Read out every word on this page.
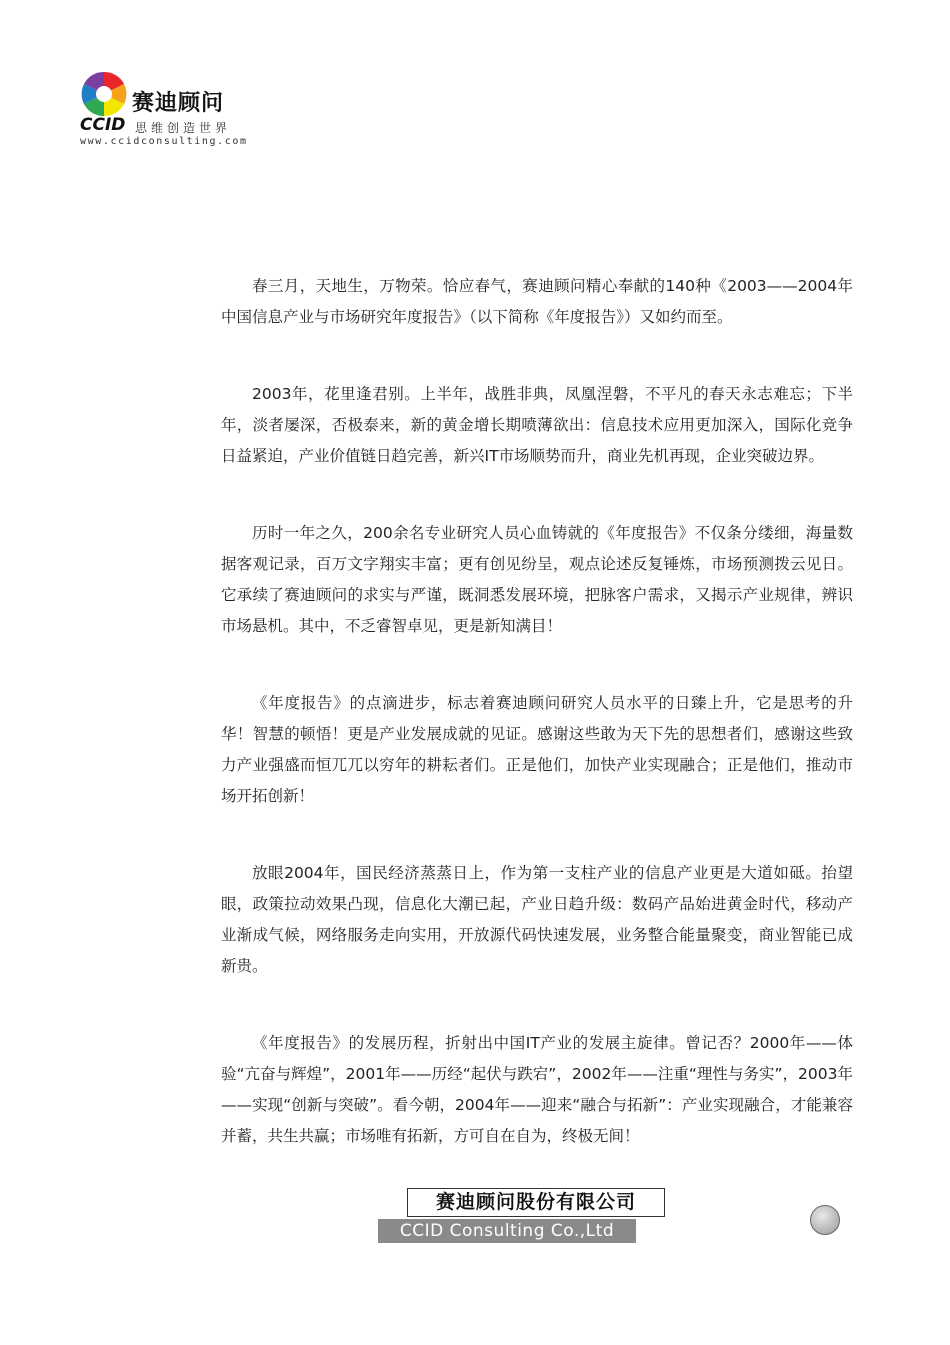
赛迪顾问
CCID 思维创造世界
www.ccidconsulting.com

春三月，天地生，万物荣。恰应春气，赛迪顾问精心奉献的140种《2003——2004年中国信息产业与市场研究年度报告》（以下简称《年度报告》）又如约而至。

2003年，花里逢君别。上半年，战胜非典，凤凰涅磐，不平凡的春天永志难忘；下半年，淡者屡深，否极泰来，新的黄金增长期喷薄欲出：信息技术应用更加深入，国际化竞争日益紧迫，产业价值链日趋完善，新兴IT市场顺势而升，商业先机再现，企业突破边界。

历时一年之久，200余名专业研究人员心血铸就的《年度报告》不仅条分缕细，海量数据客观记录，百万文字翔实丰富；更有创见纷呈，观点论述反复锤炼，市场预测拨云见日。它承续了赛迪顾问的求实与严谨，既洞悉发展环境，把脉客户需求，又揭示产业规律，辨识市场悬机。其中，不乏睿智卓见，更是新知满目！

《年度报告》的点滴进步，标志着赛迪顾问研究人员水平的日臻上升，它是思考的升华！智慧的顿悟！更是产业发展成就的见证。感谢这些敢为天下先的思想者们，感谢这些致力产业强盛而恒兀兀以穷年的耕耘者们。正是他们，加快产业实现融合；正是他们，推动市场开拓创新！

放眼2004年，国民经济蒸蒸日上，作为第一支柱产业的信息产业更是大道如砥。抬望眼，政策拉动效果凸现，信息化大潮已起，产业日趋升级：数码产品始进黄金时代，移动产业渐成气候，网络服务走向实用，开放源代码快速发展，业务整合能量聚变，商业智能已成新贵。

《年度报告》的发展历程，折射出中国IT产业的发展主旋律。曾记否？2000年——体验“亢奋与辉煌”，2001年——历经“起伏与跌宕”，2002年——注重“理性与务实”，2003年——实现“创新与突破”。看今朝，2004年——迎来“融合与拓新”：产业实现融合，才能兼容并蓄，共生共赢；市场唯有拓新，方可自在自为，终极无间！

赛迪顾问股份有限公司
CCID Consulting Co.,Ltd
